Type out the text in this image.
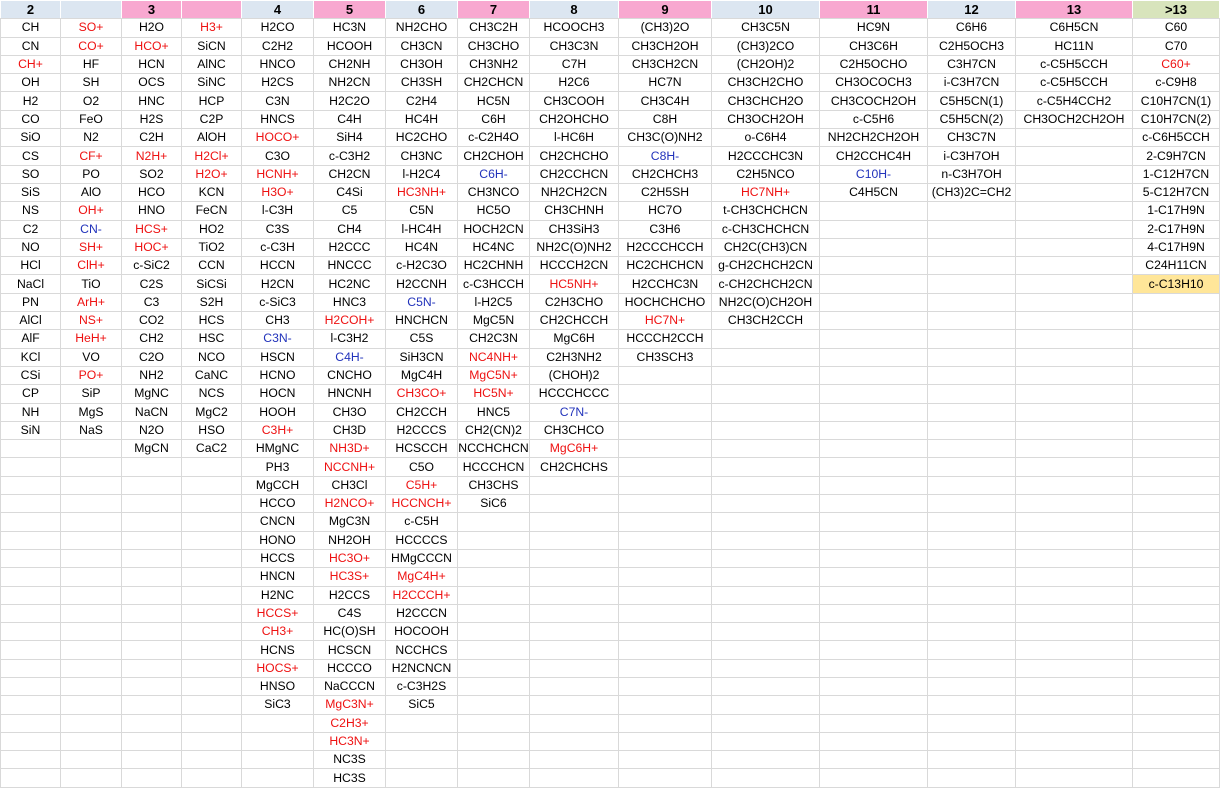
2		3		4	5	6	7	8	9	10	11	12	13	>13
CH	SO+	H2O	H3+	H2CO	HC3N	NH2CHO	CH3C2H	HCOOCH3	(CH3)2O	CH3C5N	HC9N	C6H6	C6H5CN	C60
CN	CO+	HCO+	SiCN	C2H2	HCOOH	CH3CN	CH3CHO	CH3C3N	CH3CH2OH	(CH3)2CO	CH3C6H	C2H5OCH3	HC11N	C70
CH+	HF	HCN	AlNC	HNCO	CH2NH	CH3OH	CH3NH2	C7H	CH3CH2CN	(CH2OH)2	C2H5OCHO	C3H7CN	c-C5H5CCH	C60+
OH	SH	OCS	SiNC	H2CS	NH2CN	CH3SH	CH2CHCN	H2C6	HC7N	CH3CH2CHO	CH3OCOCH3	i-C3H7CN	c-C5H5CCH	c-C9H8
H2	O2	HNC	HCP	C3N	H2C2O	C2H4	HC5N	CH3COOH	CH3C4H	CH3CHCH2O	CH3COCH2OH	C5H5CN(1)	c-C5H4CCH2	C10H7CN(1)
CO	FeO	H2S	C2P	HNCS	C4H	HC4H	C6H	CH2OHCHO	C8H	CH3OCH2OH	c-C5H6	C5H5CN(2)	CH3OCH2CH2OH	C10H7CN(2)
SiO	N2	C2H	AlOH	HOCO+	SiH4	HC2CHO	c-C2H4O	l-HC6H	CH3C(O)NH2	o-C6H4	NH2CH2CH2OH	CH3C7N		c-C6H5CCH
CS	CF+	N2H+	H2Cl+	C3O	c-C3H2	CH3NC	CH2CHOH	CH2CHCHO	C8H-	H2CCCHC3N	CH2CCHC4H	i-C3H7OH		2-C9H7CN
SO	PO	SO2	H2O+	HCNH+	CH2CN	l-H2C4	C6H-	CH2CCHCN	CH2CHCH3	C2H5NCO	C10H-	n-C3H7OH		1-C12H7CN
SiS	AlO	HCO	KCN	H3O+	C4Si	HC3NH+	CH3NCO	NH2CH2CN	C2H5SH	HC7NH+	C4H5CN	(CH3)2C=CH2		5-C12H7CN
NS	OH+	HNO	FeCN	l-C3H	C5	C5N	HC5O	CH3CHNH	HC7O	t-CH3CHCHCN				1-C17H9N
C2	CN-	HCS+	HO2	C3S	CH4	l-HC4H	HOCH2CN	CH3SiH3	C3H6	c-CH3CHCHCN				2-C17H9N
NO	SH+	HOC+	TiO2	c-C3H	H2CCC	HC4N	HC4NC	NH2C(O)NH2	H2CCCHCCH	CH2C(CH3)CN				4-C17H9N
HCl	ClH+	c-SiC2	CCN	HCCN	HNCCC	c-H2C3O	HC2CHNH	HCCCH2CN	HC2CHCHCN	g-CH2CHCH2CN				C24H11CN
NaCl	TiO	C2S	SiCSi	H2CN	HC2NC	H2CCNH	c-C3HCCH	HC5NH+	H2CCHC3N	c-CH2CHCH2CN				c-C13H10
PN	ArH+	C3	S2H	c-SiC3	HNC3	C5N-	l-H2C5	C2H3CHO	HOCHCHCHO	NH2C(O)CH2OH				
AlCl	NS+	CO2	HCS	CH3	H2COH+	HNCHCN	MgC5N	CH2CHCCH	HC7N+	CH3CH2CCH				
AlF	HeH+	CH2	HSC	C3N-	l-C3H2	C5S	CH2C3N	MgC6H	HCCCH2CCH					
KCl	VO	C2O	NCO	HSCN	C4H-	SiH3CN	NC4NH+	C2H3NH2	CH3SCH3					
CSi	PO+	NH2	CaNC	HCNO	CNCHO	MgC4H	MgC5N+	(CHOH)2						
CP	SiP	MgNC	NCS	HOCN	HNCNH	CH3CO+	HC5N+	HCCCHCCC						
NH	MgS	NaCN	MgC2	HOOH	CH3O	CH2CCH	HNC5	C7N-						
SiN	NaS	N2O	HSO	C3H+	CH3D	H2CCCS	CH2(CN)2	CH3CHCO						
		MgCN	CaC2	HMgNC	NH3D+	HCSCCH	NCCHCHCN	MgC6H+						
				PH3	NCCNH+	C5O	HCCCHCN	CH2CHCHS						
				MgCCH	CH3Cl	C5H+	CH3CHS							
				HCCO	H2NCO+	HCCNCH+	SiC6							
				CNCN	MgC3N	c-C5H								
				HONO	NH2OH	HCCCCS								
				HCCS	HC3O+	HMgCCCN								
				HNCN	HC3S+	MgC4H+								
				H2NC	H2CCS	H2CCCH+								
				HCCS+	C4S	H2CCCN								
				CH3+	HC(O)SH	HOCOOH								
				HCNS	HCSCN	NCCHCS								
				HOCS+	HCCCO	H2NCNCN								
				HNSO	NaCCCN	c-C3H2S								
				SiC3	MgC3N+	SiC5								
					C2H3+									
					HC3N+									
					NC3S									
					HC3S									
